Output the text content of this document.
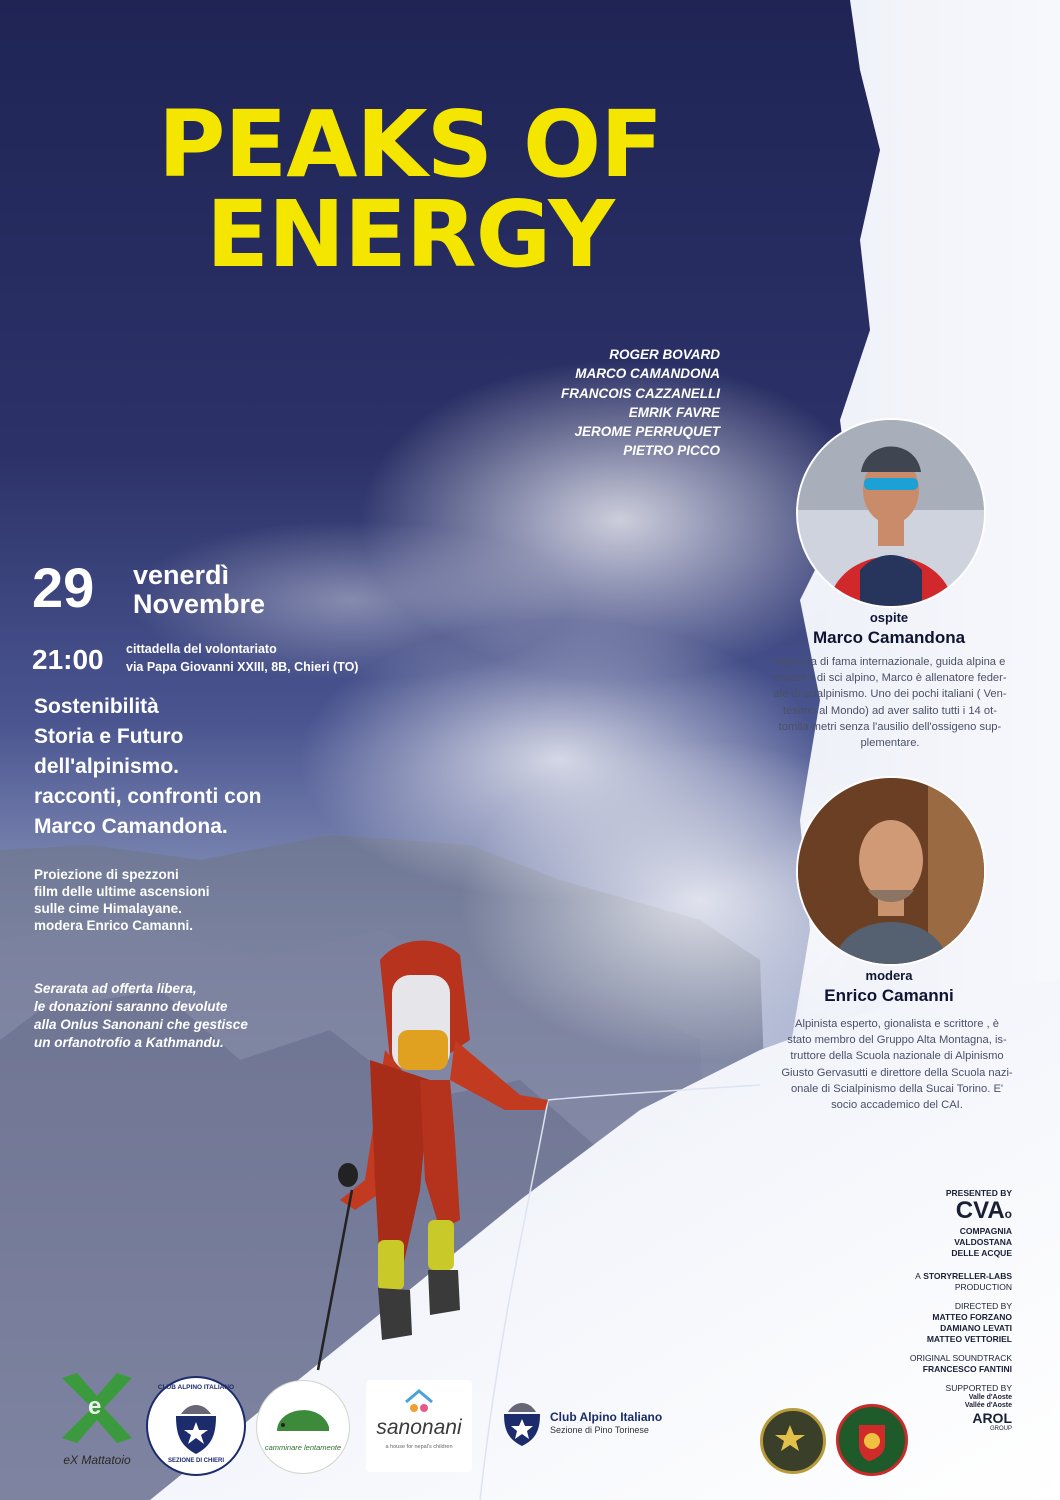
PEAKS OF
ENERGY
ROGER BOVARD
MARCO CAMANDONA
FRANCOIS CAZZANELLI
EMRIK FAVRE
JEROME PERRUQUET
PIETRO PICCO
29 venerdì
Novembre
21:00 cittadella del volontariato
via Papa Giovanni XXIII, 8B, Chieri (TO)
Sostenibilità
Storia e Futuro
dell'alpinismo.
racconti, confronti con
Marco Camandona.
Proiezione di spezzoni
film delle ultime ascensioni
sulle cime Himalayane.
modera Enrico Camanni.
Serarata ad offerta libera,
le donazioni saranno devolute
alla Onlus Sanonani che gestisce
un orfanotrofio a Kathmandu.
ospite
Marco Camandona
Alpinista di fama internazionale, guida alpina e
maestro di sci alpino, Marco è allenatore feder-
ale di scialpinismo. Uno dei pochi italiani ( Ven-
tesimo al Mondo) ad aver salito tutti i 14 ot-
tomila metri senza l'ausilio dell'ossigeno sup-
plementare.
modera
Enrico Camanni
Alpinista esperto, gionalista e scrittore , è
stato membro del Gruppo Alta Montagna, is-
truttore della Scuola nazionale di Alpinismo
Giusto Gervasutti e direttore della Scuola nazi-
onale di Scialpinismo della Sucai Torino. E'
socio accademico del CAI.
PRESENTED BY
CVAo
COMPAGNIA
VALDOSTANA
DELLE ACQUE
A STORYRELLER-LABS
PRODUCTION
DIRECTED BY
MATTEO FORZANO
DAMIANO LEVATI
MATTEO VETTORIEL
ORIGINAL SOUNDTRACK
FRANCESCO FANTINI
SUPPORTED BY
Valle d'Aoste
Vallée d'Aoste
AROL
GROUP
e
eX Mattatoio
CLUB ALPINO ITALIANO
SEZIONE DI CHIERI
camminare lentamente
sanonani
a house for nepal's children
Club Alpino Italiano
Sezione di Pino Torinese
